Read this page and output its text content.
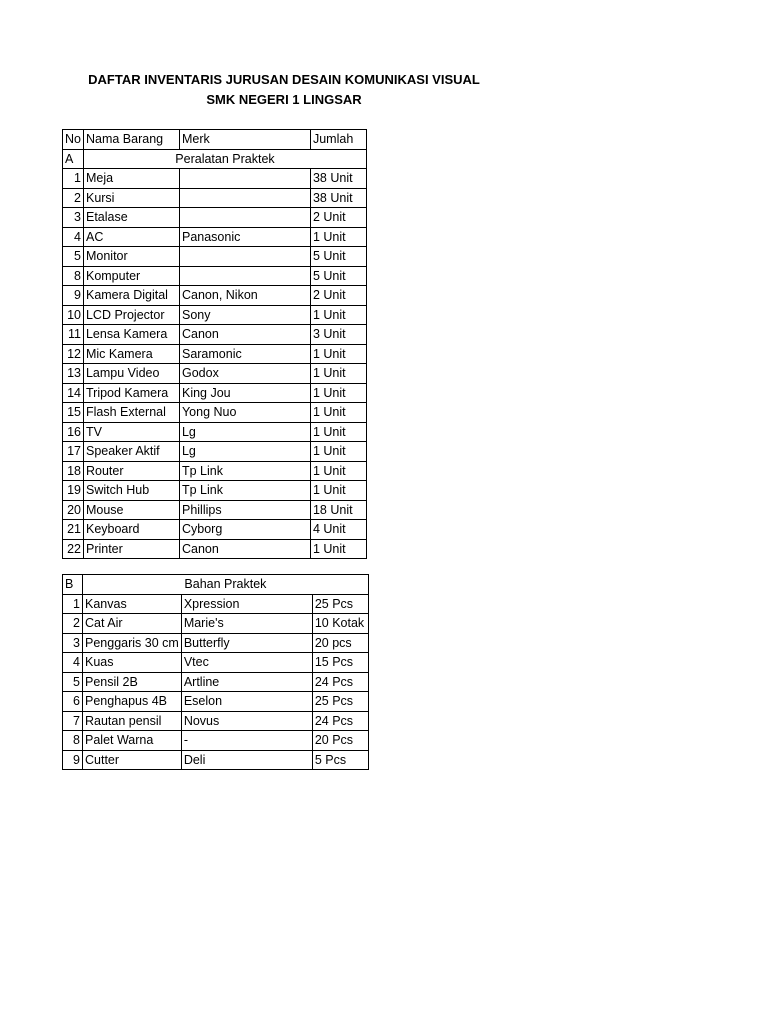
DAFTAR INVENTARIS JURUSAN DESAIN KOMUNIKASI VISUAL
SMK NEGERI 1 LINGSAR
No	Nama Barang	Merk	Jumlah
A	Peralatan Praktek		
1	Meja		38 Unit
2	Kursi		38 Unit
3	Etalase		2 Unit
4	AC	Panasonic	1 Unit
5	Monitor		5 Unit
8	Komputer		5 Unit
9	Kamera Digital	Canon, Nikon	2 Unit
10	LCD Projector	Sony	1 Unit
11	Lensa Kamera	Canon	3 Unit
12	Mic Kamera	Saramonic	1 Unit
13	Lampu Video	Godox	1 Unit
14	Tripod Kamera	King Jou	1 Unit
15	Flash External	Yong Nuo	1 Unit
16	TV	Lg	1 Unit
17	Speaker Aktif	Lg	1 Unit
18	Router	Tp Link	1 Unit
19	Switch Hub	Tp Link	1 Unit
20	Mouse	Phillips	18 Unit
21	Keyboard	Cyborg	4 Unit
22	Printer	Canon	1 Unit
B	Bahan Praktek		
1	Kanvas	Xpression	25 Pcs
2	Cat Air	Marie's	10 Kotak
3	Penggaris 30 cm	Butterfly	20 pcs
4	Kuas	Vtec	15 Pcs
5	Pensil 2B	Artline	24 Pcs
6	Penghapus 4B	Eselon	25 Pcs
7	Rautan pensil	Novus	24 Pcs
8	Palet Warna	-	20 Pcs
9	Cutter	Deli	5 Pcs
